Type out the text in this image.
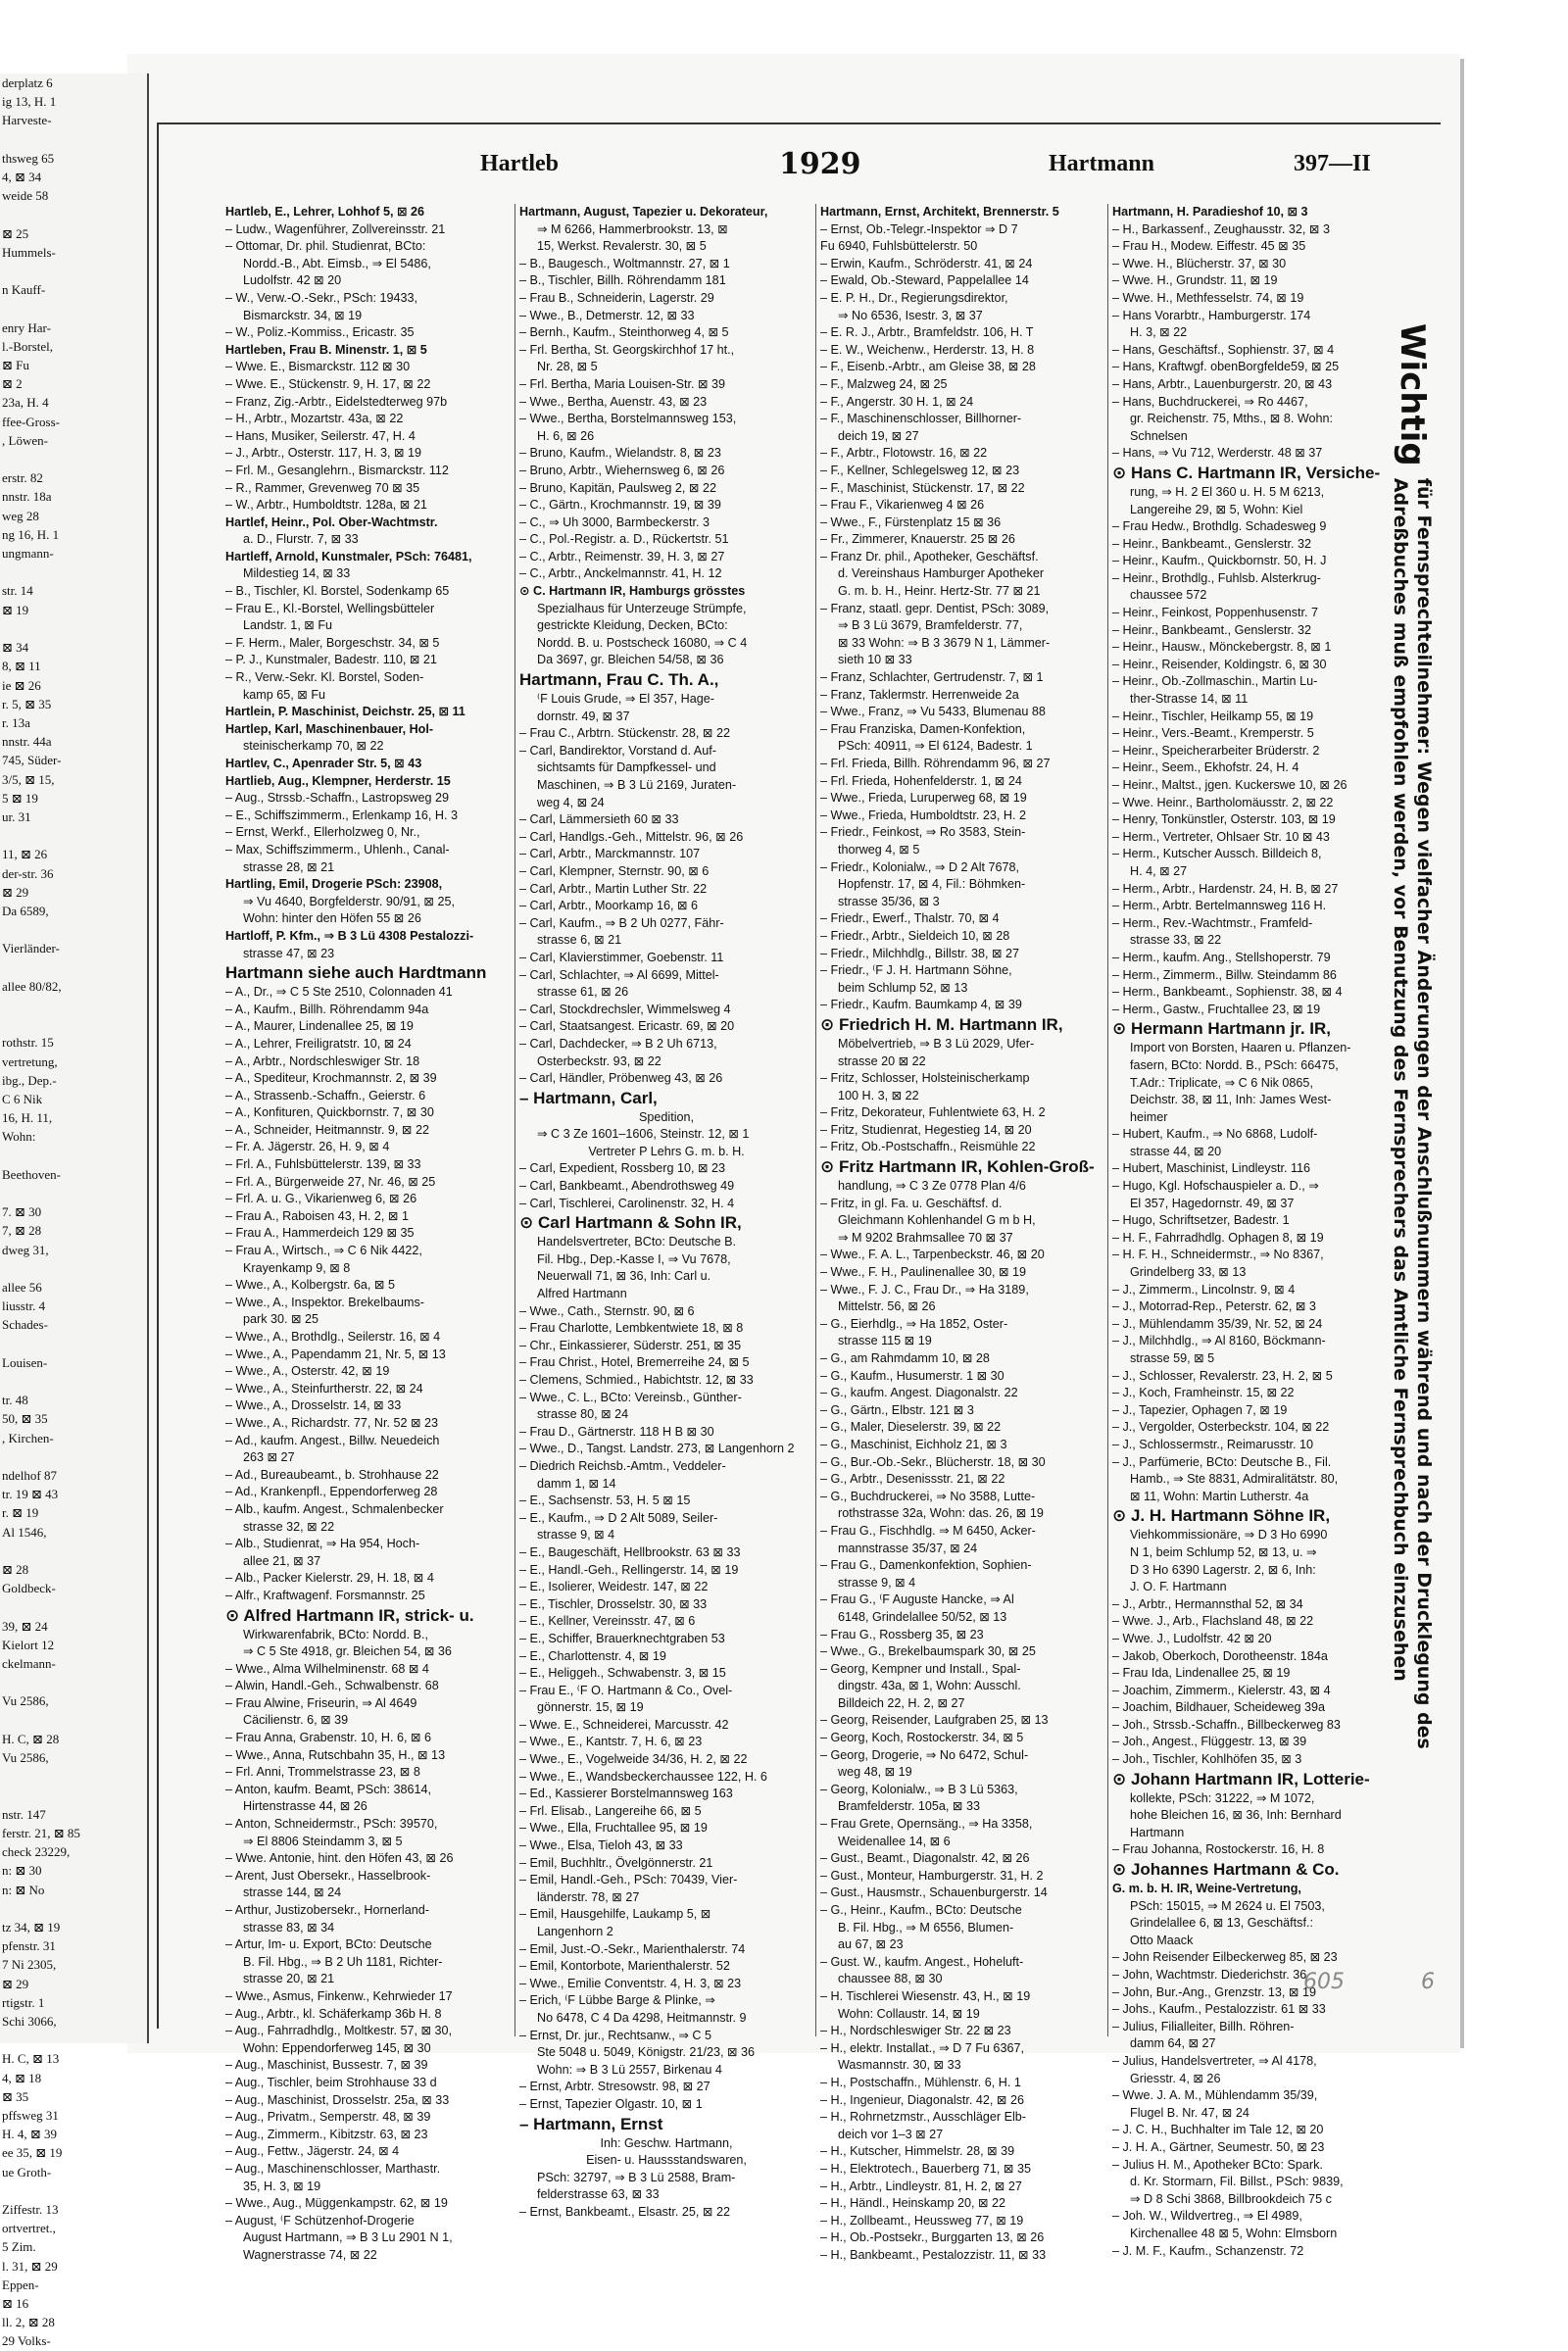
derplatz 6
ig 13, H. 1
Harveste-

thsweg 65
4, ⊠ 34
weide 58

⊠ 25
Hummels-

n Kauff-

enry Har-
l.-Borstel,
⊠ Fu
⊠ 2
23a, H. 4
ffee-Gross-
, Löwen-

erstr. 82
nnstr. 18a
weg 28
ng 16, H. 1
ungmann-

str. 14
⊠ 19

⊠ 34
8, ⊠ 11
ie ⊠ 26
r. 5, ⊠ 35
r. 13a
nnstr. 44a
745, Süder-
3/5, ⊠ 15,
5 ⊠ 19
ur. 31

11, ⊠ 26
der-str. 36
⊠ 29
Da 6589,

Vierländer-

allee 80/82,

rothstr. 15
vertretung,
ibg., Dep.-
C 6 Nik
16, H. 11,
Wohn:

Beethoven-

7. ⊠ 30
7, ⊠ 28
dweg 31,

allee 56
liusstr. 4
Schades-

Louisen-

tr. 48
50, ⊠ 35
, Kirchen-

ndelhof 87
tr. 19 ⊠ 43
r. ⊠ 19
Al 1546,

⊠ 28
Goldbeck-

39, ⊠ 24
Kielort 12
ckelmann-

Vu 2586,

H. C, ⊠ 28
Vu 2586,

nstr. 147
ferstr. 21, ⊠ 85
check 23229,
n: ⊠ 30
n: ⊠ No

tz 34, ⊠ 19
pfenstr. 31
7 Ni 2305,
⊠ 29
rtigstr. 1
Schi 3066,

H. C, ⊠ 13
4, ⊠ 18
⊠ 35
pffsweg 31
H. 4, ⊠ 39
ee 35, ⊠ 19
ue Groth-

Ziffestr. 13
ortvertret.,
5 Zim.
l. 31, ⊠ 29
Eppen-
⊠ 16
ll. 2, ⊠ 28
29 Volks-
Hartleb	1929	Hartmann	397—II
Hartleb, E., Lehrer, Lohhof 5, ⊠ 26
– Ludw., Wagenführer, Zollvereinsstr. 21
– Ottomar, Dr. phil. Studienrat, BCto:
Nordd.-B., Abt. Eimsb., ⇒ El 5486,
Ludolfstr. 42 ⊠ 20
– W., Verw.-O.-Sekr., PSch: 19433,
Bismarckstr. 34, ⊠ 19
– W., Poliz.-Kommiss., Ericastr. 35
Hartleben, Frau B. Minenstr. 1, ⊠ 5
– Wwe. E., Bismarckstr. 112 ⊠ 30
– Wwe. E., Stückenstr. 9, H. 17, ⊠ 22
– Franz, Zig.-Arbtr., Eidelstedterweg 97b
– H., Arbtr., Mozartstr. 43a, ⊠ 22
– Hans, Musiker, Seilerstr. 47, H. 4
– J., Arbtr., Osterstr. 117, H. 3, ⊠ 19
– Frl. M., Gesanglehrn., Bismarckstr. 112
– R., Rammer, Grevenweg 70 ⊠ 35
– W., Arbtr., Humboldtstr. 128a, ⊠ 21
Hartlef, Heinr., Pol. Ober-Wachtmstr.
a. D., Flurstr. 7, ⊠ 33
Hartleff, Arnold, Kunstmaler, PSch: 76481,
Mildestieg 14, ⊠ 33
– B., Tischler, Kl. Borstel, Sodenkamp 65
– Frau E., Kl.-Borstel, Wellingsbütteler
Landstr. 1, ⊠ Fu
– F. Herm., Maler, Borgeschstr. 34, ⊠ 5
– P. J., Kunstmaler, Badestr. 110, ⊠ 21
– R., Verw.-Sekr. Kl. Borstel, Soden-
kamp 65, ⊠ Fu
Hartlein, P. Maschinist, Deichstr. 25, ⊠ 11
Hartlep, Karl, Maschinenbauer, Hol-
steinischerkamp 70, ⊠ 22
Hartlev, C., Apenrader Str. 5, ⊠ 43
Hartlieb, Aug., Klempner, Herderstr. 15
– Aug., Strssb.-Schaffn., Lastropsweg 29
– E., Schiffszimmerm., Erlenkamp 16, H. 3
– Ernst, Werkf., Ellerholzweg 0, Nr.,
– Max, Schiffszimmerm., Uhlenh., Canal-
strasse 28, ⊠ 21
Hartling, Emil, Drogerie PSch: 23908,
⇒ Vu 4640, Borgfelderstr. 90/91, ⊠ 25,
Wohn: hinter den Höfen 55 ⊠ 26
Hartloff, P. Kfm., ⇒ B 3 Lü 4308 Pestalozzi-
strasse 47, ⊠ 23
Hartmann siehe auch Hardtmann
– A., Dr., ⇒ C 5 Ste 2510, Colonnaden 41
– A., Kaufm., Billh. Röhrendamm 94a
– A., Maurer, Lindenallee 25, ⊠ 19
– A., Lehrer, Freiligratstr. 10, ⊠ 24
– A., Arbtr., Nordschleswiger Str. 18
– A., Spediteur, Krochmannstr. 2, ⊠ 39
– A., Strassenb.-Schaffn., Geierstr. 6
– A., Konfituren, Quickbornstr. 7, ⊠ 30
– A., Schneider, Heitmannstr. 9, ⊠ 22
– Fr. A. Jägerstr. 26, H. 9, ⊠ 4
– Frl. A., Fuhlsbüttelerstr. 139, ⊠ 33
– Frl. A., Bürgerweide 27, Nr. 46, ⊠ 25
– Frl. A. u. G., Vikarienweg 6, ⊠ 26
– Frau A., Raboisen 43, H. 2, ⊠ 1
– Frau A., Hammerdeich 129 ⊠ 35
– Frau A., Wirtsch., ⇒ C 6 Nik 4422,
Krayenkamp 9, ⊠ 8
– Wwe., A., Kolbergstr. 6a, ⊠ 5
– Wwe., A., Inspektor. Brekelbaums-
park 30. ⊠ 25
– Wwe., A., Brothdlg., Seilerstr. 16, ⊠ 4
– Wwe., A., Papendamm 21, Nr. 5, ⊠ 13
– Wwe., A., Osterstr. 42, ⊠ 19
– Wwe., A., Steinfurtherstr. 22, ⊠ 24
– Wwe., A., Drosselstr. 14, ⊠ 33
– Wwe., A., Richardstr. 77, Nr. 52 ⊠ 23
– Ad., kaufm. Angest., Billw. Neuedeich
263 ⊠ 27
– Ad., Bureaubeamt., b. Strohhause 22
– Ad., Krankenpfl., Eppendorferweg 28
– Alb., kaufm. Angest., Schmalenbecker
strasse 32, ⊠ 22
– Alb., Studienrat, ⇒ Ha 954, Hoch-
allee 21, ⊠ 37
– Alb., Packer Kielerstr. 29, H. 18, ⊠ 4
– Alfr., Kraftwagenf. Forsmannstr. 25
⊙ Alfred Hartmann IR, strick- u.
Wirkwarenfabrik, BCto: Nordd. B.,
⇒ C 5 Ste 4918, gr. Bleichen 54, ⊠ 36
– Wwe., Alma Wilhelminenstr. 68 ⊠ 4
– Alwin, Handl.-Geh., Schwalbenstr. 68
– Frau Alwine, Friseurin, ⇒ Al 4649
Cäcilienstr. 6, ⊠ 39
– Frau Anna, Grabenstr. 10, H. 6, ⊠ 6
– Wwe., Anna, Rutschbahn 35, H., ⊠ 13
– Frl. Anni, Trommelstrasse 23, ⊠ 8
– Anton, kaufm. Beamt, PSch: 38614,
Hirtenstrasse 44, ⊠ 26
– Anton, Schneidermstr., PSch: 39570,
⇒ El 8806 Steindamm 3, ⊠ 5
– Wwe. Antonie, hint. den Höfen 43, ⊠ 26
– Arent, Just Obersekr., Hasselbrook-
strasse 144, ⊠ 24
– Arthur, Justizobersekr., Hornerland-
strasse 83, ⊠ 34
– Artur, Im- u. Export, BCto: Deutsche
B. Fil. Hbg., ⇒ B 2 Uh 1181, Richter-
strasse 20, ⊠ 21
– Wwe., Asmus, Finkenw., Kehrwieder 17
– Aug., Arbtr., kl. Schäferkamp 36b H. 8
– Aug., Fahrradhdlg., Moltkestr. 57, ⊠ 30,
Wohn: Eppendorferweg 145, ⊠ 30
– Aug., Maschinist, Bussestr. 7, ⊠ 39
– Aug., Tischler, beim Strohhause 33 d
– Aug., Maschinist, Drosselstr. 25a, ⊠ 33
– Aug., Privatm., Semperstr. 48, ⊠ 39
– Aug., Zimmerm., Kibitzstr. 63, ⊠ 23
– Aug., Fettw., Jägerstr. 24, ⊠ 4
– Aug., Maschinenschlosser, Marthastr.
35, H. 3, ⊠ 19
– Wwe., Aug., Müggenkampstr. 62, ⊠ 19
– August, ⁽F Schützenhof-Drogerie
August Hartmann, ⇒ B 3 Lu 2901 N 1,
Wagnerstrasse 74, ⊠ 22
Hartmann, August, Tapezier u. Dekorateur,
⇒ M 6266, Hammerbrookstr. 13, ⊠
15, Werkst. Revalerstr. 30, ⊠ 5
– B., Baugesch., Woltmannstr. 27, ⊠ 1
– B., Tischler, Billh. Röhrendamm 181
– Frau B., Schneiderin, Lagerstr. 29
– Wwe., B., Detmerstr. 12, ⊠ 33
– Bernh., Kaufm., Steinthorweg 4, ⊠ 5
– Frl. Bertha, St. Georgskirchhof 17 ht.,
Nr. 28, ⊠ 5
– Frl. Bertha, Maria Louisen-Str. ⊠ 39
– Wwe., Bertha, Auenstr. 43, ⊠ 23
– Wwe., Bertha, Borstelmannsweg 153,
H. 6, ⊠ 26
– Bruno, Kaufm., Wielandstr. 8, ⊠ 23
– Bruno, Arbtr., Wiehernsweg 6, ⊠ 26
– Bruno, Kapitän, Paulsweg 2, ⊠ 22
– C., Gärtn., Krochmannstr. 19, ⊠ 39
– C., ⇒ Uh 3000, Barmbeckerstr. 3
– C., Pol.-Registr. a. D., Rückertstr. 51
– C., Arbtr., Reimenstr. 39, H. 3, ⊠ 27
– C., Arbtr., Anckelmannstr. 41, H. 12
⊙ C. Hartmann IR, Hamburgs grösstes
Spezialhaus für Unterzeuge Strümpfe,
gestrickte Kleidung, Decken, BCto:
Nordd. B. u. Postscheck 16080, ⇒ C 4
Da 3697, gr. Bleichen 54/58, ⊠ 36
Hartmann, Frau C. Th. A.,
⁽F Louis Grude, ⇒ El 357, Hage-
dornstr. 49, ⊠ 37
– Frau C., Arbtrn. Stückenstr. 28, ⊠ 22
– Carl, Bandirektor, Vorstand d. Auf-
sichtsamts für Dampfkessel- und
Maschinen, ⇒ B 3 Lü 2169, Juraten-
weg 4, ⊠ 24
– Carl, Lämmersieth 60 ⊠ 33
– Carl, Handlgs.-Geh., Mittelstr. 96, ⊠ 26
– Carl, Arbtr., Marckmannstr. 107
– Carl, Klempner, Sternstr. 90, ⊠ 6
– Carl, Arbtr., Martin Luther Str. 22
– Carl, Arbtr., Moorkamp 16, ⊠ 6
– Carl, Kaufm., ⇒ B 2 Uh 0277, Fähr-
strasse 6, ⊠ 21
– Carl, Klavierstimmer, Goebenstr. 11
– Carl, Schlachter, ⇒ Al 6699, Mittel-
strasse 61, ⊠ 26
– Carl, Stockdrechsler, Wimmelsweg 4
– Carl, Staatsangest. Ericastr. 69, ⊠ 20
– Carl, Dachdecker, ⇒ B 2 Uh 6713,
Osterbeckstr. 93, ⊠ 22
– Carl, Händler, Pröbenweg 43, ⊠ 26
– Hartmann, Carl,
Spedition,
⇒ C 3 Ze 1601–1606, Steinstr. 12, ⊠ 1
Vertreter P Lehrs G. m. b. H.
– Carl, Expedient, Rossberg 10, ⊠ 23
– Carl, Bankbeamt., Abendrothsweg 49
– Carl, Tischlerei, Carolinenstr. 32, H. 4
⊙ Carl Hartmann & Sohn IR,
Handelsvertreter, BCto: Deutsche B.
Fil. Hbg., Dep.-Kasse I, ⇒ Vu 7678,
Neuerwall 71, ⊠ 36, Inh: Carl u.
Alfred Hartmann
– Wwe., Cath., Sternstr. 90, ⊠ 6
– Frau Charlotte, Lembkentwiete 18, ⊠ 8
– Chr., Einkassierer, Süderstr. 251, ⊠ 35
– Frau Christ., Hotel, Bremerreihe 24, ⊠ 5
– Clemens, Schmied., Habichtstr. 12, ⊠ 33
– Wwe., C. L., BCto: Vereinsb., Günther-
strasse 80, ⊠ 24
– Frau D., Gärtnerstr. 118 H B ⊠ 30
– Wwe., D., Tangst. Landstr. 273, ⊠ Langenhorn 2
– Diedrich Reichsb.-Amtm., Veddeler-
damm 1, ⊠ 14
– E., Sachsenstr. 53, H. 5 ⊠ 15
– E., Kaufm., ⇒ D 2 Alt 5089, Seiler-
strasse 9, ⊠ 4
– E., Baugeschäft, Hellbrookstr. 63 ⊠ 33
– E., Handl.-Geh., Rellingerstr. 14, ⊠ 19
– E., Isolierer, Weidestr. 147, ⊠ 22
– E., Tischler, Drosselstr. 30, ⊠ 33
– E., Kellner, Vereinsstr. 47, ⊠ 6
– E., Schiffer, Brauerknechtgraben 53
– E., Charlottenstr. 4, ⊠ 19
– E., Heliggeh., Schwabenstr. 3, ⊠ 15
– Frau E., ⁽F O. Hartmann & Co., Ovel-
gönnerstr. 15, ⊠ 19
– Wwe. E., Schneiderei, Marcusstr. 42
– Wwe., E., Kantstr. 7, H. 6, ⊠ 23
– Wwe., E., Vogelweide 34/36, H. 2, ⊠ 22
– Wwe., E., Wandsbeckerchaussee 122, H. 6
– Ed., Kassierer Borstelmannsweg 163
– Frl. Elisab., Langereihe 66, ⊠ 5
– Wwe., Ella, Fruchtallee 95, ⊠ 19
– Wwe., Elsa, Tieloh 43, ⊠ 33
– Emil, Buchhltr., Övelgönnerstr. 21
– Emil, Handl.-Geh., PSch: 70439, Vier-
länderstr. 78, ⊠ 27
– Emil, Hausgehilfe, Laukamp 5, ⊠
Langenhorn 2
– Emil, Just.-O.-Sekr., Marienthalerstr. 74
– Emil, Kontorbote, Marienthalerstr. 52
– Wwe., Emilie Conventstr. 4, H. 3, ⊠ 23
– Erich, ⁽F Lübbe Barge & Plinke, ⇒
No 6478, C 4 Da 4298, Heitmannstr. 9
– Ernst, Dr. jur., Rechtsanw., ⇒ C 5
Ste 5048 u. 5049, Königstr. 21/23, ⊠ 36
Wohn: ⇒ B 3 Lü 2557, Birkenau 4
– Ernst, Arbtr. Stresowstr. 98, ⊠ 27
– Ernst, Tapezier Olgastr. 10, ⊠ 1
– Hartmann, Ernst
Inh: Geschw. Hartmann,
Eisen- u. Haussstandswaren,
PSch: 32797, ⇒ B 3 Lü 2588, Bram-
felderstrasse 63, ⊠ 33
– Ernst, Bankbeamt., Elsastr. 25, ⊠ 22
Hartmann, Ernst, Architekt, Brennerstr. 5
– Ernst, Ob.-Telegr.-Inspektor ⇒ D 7
Fu 6940, Fuhlsbüttelerstr. 50
– Erwin, Kaufm., Schröderstr. 41, ⊠ 24
– Ewald, Ob.-Steward, Pappelallee 14
– E. P. H., Dr., Regierungsdirektor,
⇒ No 6536, Isestr. 3, ⊠ 37
– E. R. J., Arbtr., Bramfeldstr. 106, H. T
– E. W., Weichenw., Herderstr. 13, H. 8
– F., Eisenb.-Arbtr., am Gleise 38, ⊠ 28
– F., Malzweg 24, ⊠ 25
– F., Angerstr. 30 H. 1, ⊠ 24
– F., Maschinenschlosser, Billhorner-
deich 19, ⊠ 27
– F., Arbtr., Flotowstr. 16, ⊠ 22
– F., Kellner, Schlegelsweg 12, ⊠ 23
– F., Maschinist, Stückenstr. 17, ⊠ 22
– Frau F., Vikarienweg 4 ⊠ 26
– Wwe., F., Fürstenplatz 15 ⊠ 36
– Fr., Zimmerer, Knauerstr. 25 ⊠ 26
– Franz Dr. phil., Apotheker, Geschäftsf.
d. Vereinshaus Hamburger Apotheker
G. m. b. H., Heinr. Hertz-Str. 77 ⊠ 21
– Franz, staatl. gepr. Dentist, PSch: 3089,
⇒ B 3 Lü 3679, Bramfelderstr. 77,
⊠ 33 Wohn: ⇒ B 3 3679 N 1, Lämmer-
sieth 10 ⊠ 33
– Franz, Schlachter, Gertrudenstr. 7, ⊠ 1
– Franz, Taklermstr. Herrenweide 2a
– Wwe., Franz, ⇒ Vu 5433, Blumenau 88
– Frau Franziska, Damen-Konfektion,
PSch: 40911, ⇒ El 6124, Badestr. 1
– Frl. Frieda, Billh. Röhrendamm 96, ⊠ 27
– Frl. Frieda, Hohenfelderstr. 1, ⊠ 24
– Wwe., Frieda, Luruperweg 68, ⊠ 19
– Wwe., Frieda, Humboldtstr. 23, H. 2
– Friedr., Feinkost, ⇒ Ro 3583, Stein-
thorweg 4, ⊠ 5
– Friedr., Kolonialw., ⇒ D 2 Alt 7678,
Hopfenstr. 17, ⊠ 4, Fil.: Böhmken-
strasse 35/36, ⊠ 3
– Friedr., Ewerf., Thalstr. 70, ⊠ 4
– Friedr., Arbtr., Sieldeich 10, ⊠ 28
– Friedr., Milchhdlg., Billstr. 38, ⊠ 27
– Friedr., ⁽F J. H. Hartmann Söhne,
beim Schlump 52, ⊠ 13
– Friedr., Kaufm. Baumkamp 4, ⊠ 39
⊙ Friedrich H. M. Hartmann IR,
Möbelvertrieb, ⇒ B 3 Lü 2029, Ufer-
strasse 20 ⊠ 22
– Fritz, Schlosser, Holsteinischerkamp
100 H. 3, ⊠ 22
– Fritz, Dekorateur, Fuhlentwiete 63, H. 2
– Fritz, Studienrat, Hegestieg 14, ⊠ 20
– Fritz, Ob.-Postschaffn., Reismühle 22
⊙ Fritz Hartmann IR, Kohlen-Groß-
handlung, ⇒ C 3 Ze 0778 Plan 4/6
– Fritz, in gl. Fa. u. Geschäftsf. d.
Gleichmann Kohlenhandel G m b H,
⇒ M 9202 Brahmsallee 70 ⊠ 37
– Wwe., F. A. L., Tarpenbeckstr. 46, ⊠ 20
– Wwe., F. H., Paulinenallee 30, ⊠ 19
– Wwe., F. J. C., Frau Dr., ⇒ Ha 3189,
Mittelstr. 56, ⊠ 26
– G., Eierhdlg., ⇒ Ha 1852, Oster-
strasse 115 ⊠ 19
– G., am Rahmdamm 10, ⊠ 28
– G., Kaufm., Husumerstr. 1 ⊠ 30
– G., kaufm. Angest. Diagonalstr. 22
– G., Gärtn., Elbstr. 121 ⊠ 3
– G., Maler, Dieselerstr. 39, ⊠ 22
– G., Maschinist, Eichholz 21, ⊠ 3
– G., Bur.-Ob.-Sekr., Blücherstr. 18, ⊠ 30
– G., Arbtr., Desenissstr. 21, ⊠ 22
– G., Buchdruckerei, ⇒ No 3588, Lutte-
rothstrasse 32a, Wohn: das. 26, ⊠ 19
– Frau G., Fischhdlg. ⇒ M 6450, Acker-
mannstrasse 35/37, ⊠ 24
– Frau G., Damenkonfektion, Sophien-
strasse 9, ⊠ 4
– Frau G., ⁽F Auguste Hancke, ⇒ Al
6148, Grindelallee 50/52, ⊠ 13
– Frau G., Rossberg 35, ⊠ 23
– Wwe., G., Brekelbaumspark 30, ⊠ 25
– Georg, Kempner und Install., Spal-
dingstr. 43a, ⊠ 1, Wohn: Ausschl.
Billdeich 22, H. 2, ⊠ 27
– Georg, Reisender, Laufgraben 25, ⊠ 13
– Georg, Koch, Rostockerstr. 34, ⊠ 5
– Georg, Drogerie, ⇒ No 6472, Schul-
weg 48, ⊠ 19
– Georg, Kolonialw., ⇒ B 3 Lü 5363,
Bramfelderstr. 105a, ⊠ 33
– Frau Grete, Opernsäng., ⇒ Ha 3358,
Weidenallee 14, ⊠ 6
– Gust., Beamt., Diagonalstr. 42, ⊠ 26
– Gust., Monteur, Hamburgerstr. 31, H. 2
– Gust., Hausmstr., Schauenburgerstr. 14
– G., Heinr., Kaufm., BCto: Deutsche
B. Fil. Hbg., ⇒ M 6556, Blumen-
au 67, ⊠ 23
– Gust. W., kaufm. Angest., Hoheluft-
chaussee 88, ⊠ 30
– H. Tischlerei Wiesenstr. 43, H., ⊠ 19
Wohn: Collaustr. 14, ⊠ 19
– H., Nordschleswiger Str. 22 ⊠ 23
– H., elektr. Installat., ⇒ D 7 Fu 6367,
Wasmannstr. 30, ⊠ 33
– H., Postschaffn., Mühlenstr. 6, H. 1
– H., Ingenieur, Diagonalstr. 42, ⊠ 26
– H., Rohrnetzmstr., Ausschläger Elb-
deich vor 1–3 ⊠ 27
– H., Kutscher, Himmelstr. 28, ⊠ 39
– H., Elektrotech., Bauerberg 71, ⊠ 35
– H., Arbtr., Lindleystr. 81, H. 2, ⊠ 27
– H., Händl., Heinskamp 20, ⊠ 22
– H., Zollbeamt., Heussweg 77, ⊠ 19
– H., Ob.-Postsekr., Burggarten 13, ⊠ 26
– H., Bankbeamt., Pestalozzistr. 11, ⊠ 33
Hartmann, H. Paradieshof 10, ⊠ 3
– H., Barkassenf., Zeughausstr. 32, ⊠ 3
– Frau H., Modew. Eiffestr. 45 ⊠ 35
– Wwe. H., Blücherstr. 37, ⊠ 30
– Wwe. H., Grundstr. 11, ⊠ 19
– Wwe. H., Methfesselstr. 74, ⊠ 19
– Hans Vorarbtr., Hamburgerstr. 174
H. 3, ⊠ 22
– Hans, Geschäftsf., Sophienstr. 37, ⊠ 4
– Hans, Kraftwgf. obenBorgfelde59, ⊠ 25
– Hans, Arbtr., Lauenburgerstr. 20, ⊠ 43
– Hans, Buchdruckerei, ⇒ Ro 4467,
gr. Reichenstr. 75, Mths., ⊠ 8. Wohn:
Schnelsen
– Hans, ⇒ Vu 712, Werderstr. 48 ⊠ 37
⊙ Hans C. Hartmann IR, Versiche-
rung, ⇒ H. 2 El 360 u. H. 5 M 6213,
Langereihe 29, ⊠ 5, Wohn: Kiel
– Frau Hedw., Brothdlg. Schadesweg 9
– Heinr., Bankbeamt., Genslerstr. 32
– Heinr., Kaufm., Quickbornstr. 50, H. J
– Heinr., Brothdlg., Fuhlsb. Alsterkrug-
chaussee 572
– Heinr., Feinkost, Poppenhusenstr. 7
– Heinr., Bankbeamt., Genslerstr. 32
– Heinr., Hausw., Mönckebergstr. 8, ⊠ 1
– Heinr., Reisender, Koldingstr. 6, ⊠ 30
– Heinr., Ob.-Zollmaschin., Martin Lu-
ther-Strasse 14, ⊠ 11
– Heinr., Tischler, Heilkamp 55, ⊠ 19
– Heinr., Vers.-Beamt., Kremperstr. 5
– Heinr., Speicherarbeiter Brüderstr. 2
– Heinr., Seem., Ekhofstr. 24, H. 4
– Heinr., Maltst., jgen. Kuckerswe 10, ⊠ 26
– Wwe. Heinr., Bartholomäusstr. 2, ⊠ 22
– Henry, Tonkünstler, Osterstr. 103, ⊠ 19
– Herm., Vertreter, Ohlsaer Str. 10 ⊠ 43
– Herm., Kutscher Aussch. Billdeich 8,
H. 4, ⊠ 27
– Herm., Arbtr., Hardenstr. 24, H. B, ⊠ 27
– Herm., Arbtr. Bertelmannsweg 116 H.
– Herm., Rev.-Wachtmstr., Framfeld-
strasse 33, ⊠ 22
– Herm., kaufm. Ang., Stellshoperstr. 79
– Herm., Zimmerm., Billw. Steindamm 86
– Herm., Bankbeamt., Sophienstr. 38, ⊠ 4
– Herm., Gastw., Fruchtallee 23, ⊠ 19
⊙ Hermann Hartmann jr. IR,
Import von Borsten, Haaren u. Pflanzen-
fasern, BCto: Nordd. B., PSch: 66475,
T.Adr.: Triplicate, ⇒ C 6 Nik 0865,
Deichstr. 38, ⊠ 11, Inh: James West-
heimer
– Hubert, Kaufm., ⇒ No 6868, Ludolf-
strasse 44, ⊠ 20
– Hubert, Maschinist, Lindleystr. 116
– Hugo, Kgl. Hofschauspieler a. D., ⇒
El 357, Hagedornstr. 49, ⊠ 37
– Hugo, Schriftsetzer, Badestr. 1
– H. F., Fahrradhdlg. Ophagen 8, ⊠ 19
– H. F. H., Schneidermstr., ⇒ No 8367,
Grindelberg 33, ⊠ 13
– J., Zimmerm., Lincolnstr. 9, ⊠ 4
– J., Motorrad-Rep., Peterstr. 62, ⊠ 3
– J., Mühlendamm 35/39, Nr. 52, ⊠ 24
– J., Milchhdlg., ⇒ Al 8160, Böckmann-
strasse 59, ⊠ 5
– J., Schlosser, Revalerstr. 23, H. 2, ⊠ 5
– J., Koch, Framheinstr. 15, ⊠ 22
– J., Tapezier, Ophagen 7, ⊠ 19
– J., Vergolder, Osterbeckstr. 104, ⊠ 22
– J., Schlossermstr., Reimarusstr. 10
– J., Parfümerie, BCto: Deutsche B., Fil.
Hamb., ⇒ Ste 8831, Admiralitätstr. 80,
⊠ 11, Wohn: Martin Lutherstr. 4a
⊙ J. H. Hartmann Söhne IR,
Viehkommissionäre, ⇒ D 3 Ho 6990
N 1, beim Schlump 52, ⊠ 13, u. ⇒
D 3 Ho 6390 Lagerstr. 2, ⊠ 6, Inh:
J. O. F. Hartmann
– J., Arbtr., Hermannsthal 52, ⊠ 34
– Wwe. J., Arb., Flachsland 48, ⊠ 22
– Wwe. J., Ludolfstr. 42 ⊠ 20
– Jakob, Oberkoch, Dorotheenstr. 184a
– Frau Ida, Lindenallee 25, ⊠ 19
– Joachim, Zimmerm., Kielerstr. 43, ⊠ 4
– Joachim, Bildhauer, Scheideweg 39a
– Joh., Strssb.-Schaffn., Billbeckerweg 83
– Joh., Angest., Flüggestr. 13, ⊠ 39
– Joh., Tischler, Kohlhöfen 35, ⊠ 3
⊙ Johann Hartmann IR, Lotterie-
kollekte, PSch: 31222, ⇒ M 1072,
hohe Bleichen 16, ⊠ 36, Inh: Bernhard
Hartmann
– Frau Johanna, Rostockerstr. 16, H. 8
⊙ Johannes Hartmann & Co.
G. m. b. H. IR, Weine-Vertretung,
PSch: 15015, ⇒ M 2624 u. El 7503,
Grindelallee 6, ⊠ 13, Geschäftsf.:
Otto Maack
– John Reisender Eilbeckerweg 85, ⊠ 23
– John, Wachtmstr. Diederichstr. 36
– John, Bur.-Ang., Grenzstr. 13, ⊠ 19
– Johs., Kaufm., Pestalozzistr. 61 ⊠ 33
– Julius, Filialleiter, Billh. Röhren-
damm 64, ⊠ 27
– Julius, Handelsvertreter, ⇒ Al 4178,
Griesstr. 4, ⊠ 26
– Wwe. J. A. M., Mühlendamm 35/39,
Flugel B. Nr. 47, ⊠ 24
– J. C. H., Buchhalter im Tale 12, ⊠ 20
– J. H. A., Gärtner, Seumestr. 50, ⊠ 23
– Julius H. M., Apotheker BCto: Spark.
d. Kr. Stormarn, Fil. Billst., PSch: 9839,
⇒ D 8 Schi 3868, Billbrookdeich 75 c
– Joh. W., Wildvertreg., ⇒ El 4989,
Kirchenallee 48 ⊠ 5, Wohn: Elmsborn
– J. M. F., Kaufm., Schanzenstr. 72
Wichtigfür Fernsprechteilnehmer: Wegen vielfacher Änderungen der Anschlußnummern während und nach der Drucklegung des Adreßbuches muß empfohlen werden, vor Benutzung des Fernsprechers das Amtliche Fernsprechbuch einzusehen
605	6
